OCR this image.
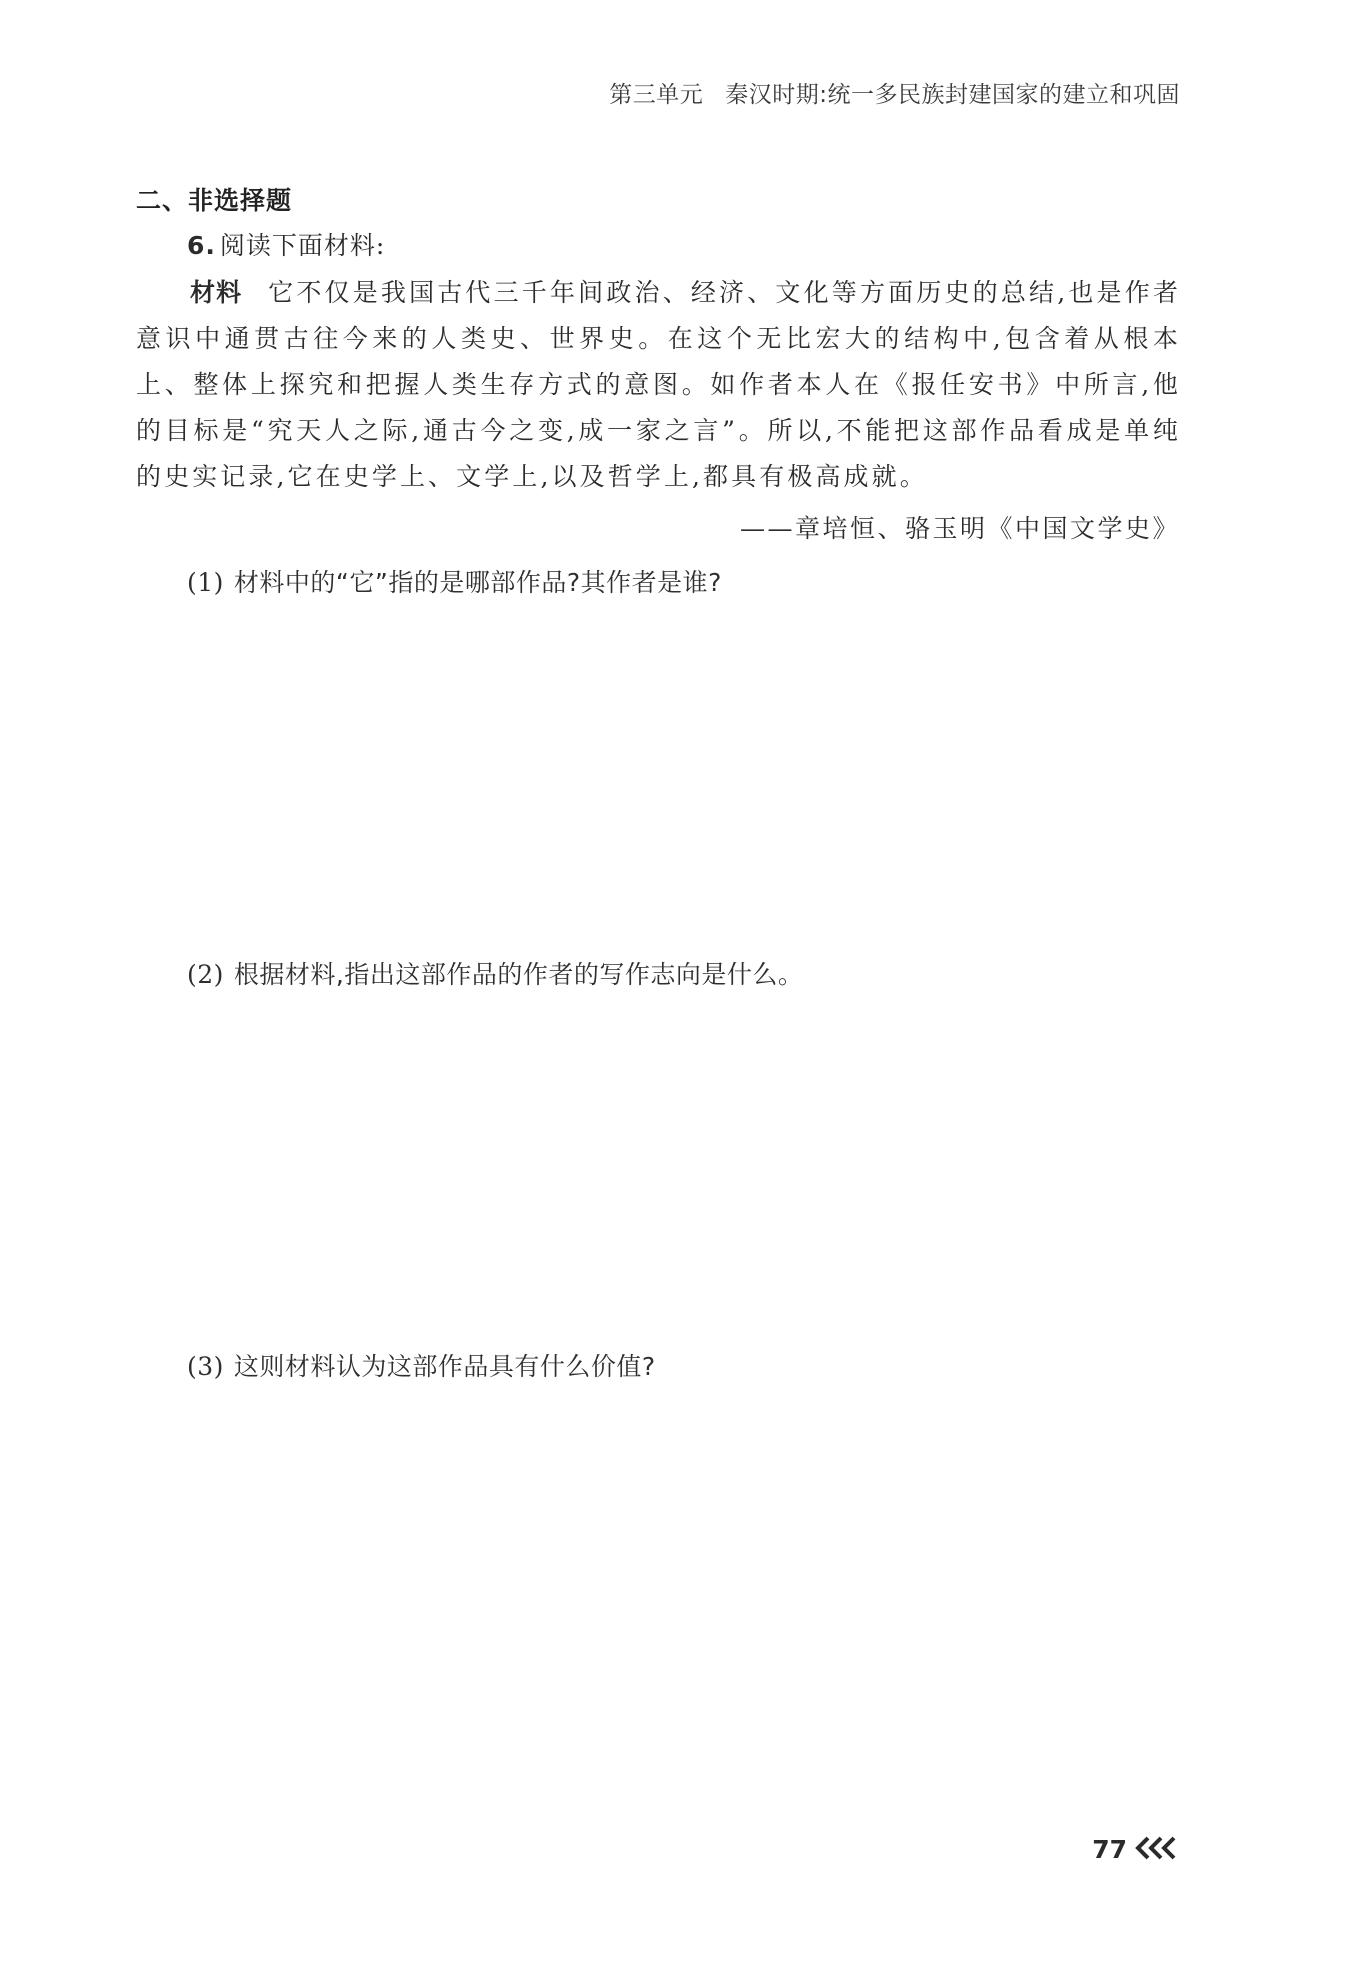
第三单元 秦汉时期:统一多民族封建国家的建立和巩固
二、非选择题
6. 阅读下面材料:
材料 它不仅是我国古代三千年间政治、经济、文化等方面历史的总结,也是作者意识中通贯古往今来的人类史、世界史。在这个无比宏大的结构中,包含着从根本上、整体上探究和把握人类生存方式的意图。如作者本人在《报任安书》中所言,他的目标是“究天人之际,通古今之变,成一家之言”。所以,不能把这部作品看成是单纯的史实记录,它在史学上、文学上,以及哲学上,都具有极高成就。
——章培恒、骆玉明《中国文学史》
(1) 材料中的“它”指的是哪部作品?其作者是谁?
(2) 根据材料,指出这部作品的作者的写作志向是什么。
(3) 这则材料认为这部作品具有什么价值?
77
